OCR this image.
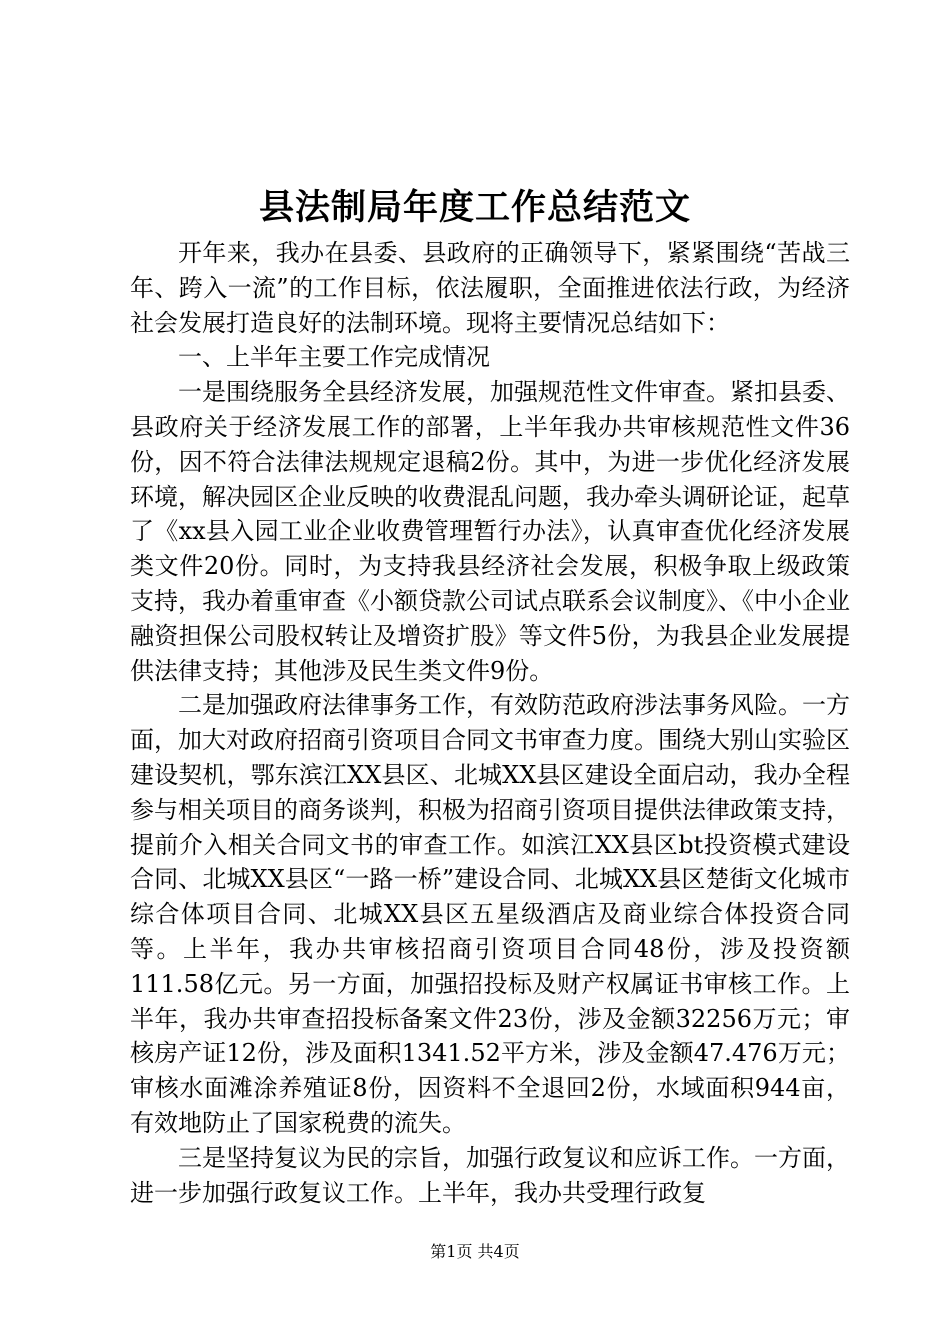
县法制局年度工作总结范文

开年来，我办在县委、县政府的正确领导下，紧紧围绕“苦战三年、跨入一流”的工作目标，依法履职，全面推进依法行政，为经济社会发展打造良好的法制环境。现将主要情况总结如下：

一、上半年主要工作完成情况

一是围绕服务全县经济发展，加强规范性文件审查。紧扣县委、县政府关于经济发展工作的部署，上半年我办共审核规范性文件36份，因不符合法律法规规定退稿2份。其中，为进一步优化经济发展环境，解决园区企业反映的收费混乱问题，我办牵头调研论证，起草了《xx县入园工业企业收费管理暂行办法》，认真审查优化经济发展类文件20份。同时，为支持我县经济社会发展，积极争取上级政策支持，我办着重审查《小额贷款公司试点联系会议制度》、《中小企业融资担保公司股权转让及增资扩股》等文件5份，为我县企业发展提供法律支持；其他涉及民生类文件9份。

二是加强政府法律事务工作，有效防范政府涉法事务风险。一方面，加大对政府招商引资项目合同文书审查力度。围绕大别山实验区建设契机，鄂东滨江XX县区、北城XX县区建设全面启动，我办全程参与相关项目的商务谈判，积极为招商引资项目提供法律政策支持，提前介入相关合同文书的审查工作。如滨江XX县区bt投资模式建设合同、北城XX县区“一路一桥”建设合同、北城XX县区楚街文化城市综合体项目合同、北城XX县区五星级酒店及商业综合体投资合同等。上半年，我办共审核招商引资项目合同48份，涉及投资额111.58亿元。另一方面，加强招投标及财产权属证书审核工作。上半年，我办共审查招投标备案文件23份，涉及金额32256万元；审核房产证12份，涉及面积1341.52平方米，涉及金额47.476万元；审核水面滩涂养殖证8份，因资料不全退回2份，水域面积944亩，有效地防止了国家税费的流失。

三是坚持复议为民的宗旨，加强行政复议和应诉工作。一方面，进一步加强行政复议工作。上半年，我办共受理行政复

第1页 共4页
